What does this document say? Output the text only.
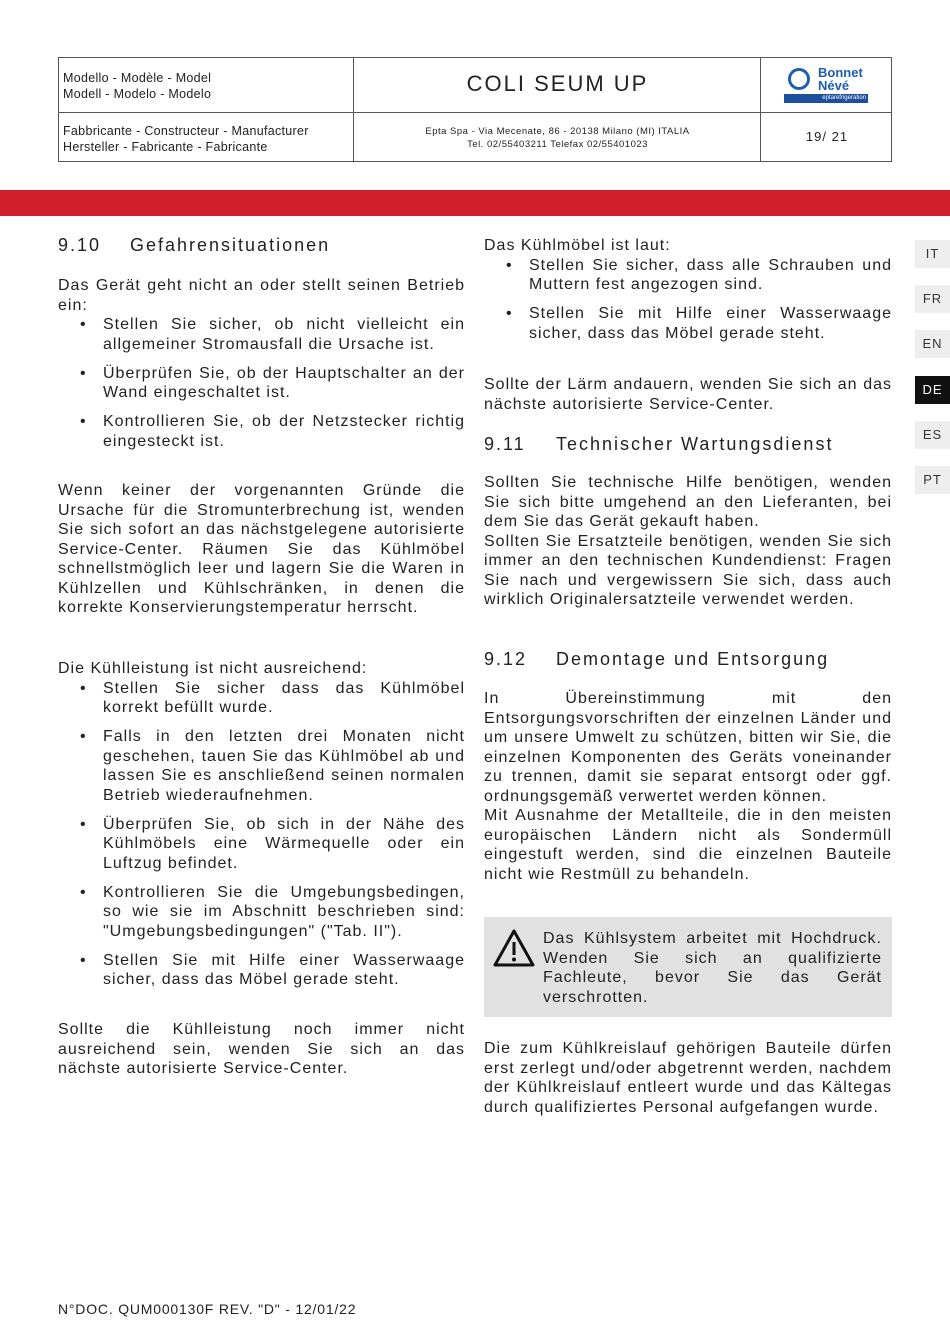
Modello - Modèle - Model
Modell - Modelo - Modelo	COLI SEUM UP	Bonnet
Névé
eptarefrigeration
Fabbricante - Constructeur - Manufacturer
Hersteller - Fabricante - Fabricante
Epta Spa - Via Mecenate, 86 - 20138 Milano (MI) ITALIA
Tel. 02/55403211 Telefax 02/55401023
19/ 21
IT
FR
EN
DE
ES
PT
9.10 Gefahrensituationen

Das Gerät geht nicht an oder stellt seinen Betrieb ein:

• Stellen Sie sicher, ob nicht vielleicht ein allgemeiner Stromausfall die Ursache ist.
• Überprüfen Sie, ob der Hauptschalter an der Wand eingeschaltet ist.
• Kontrollieren Sie, ob der Netzstecker richtig eingesteckt ist.
Wenn keiner der vorgenannten Gründe die Ursache für die Stromunterbrechung ist, wenden Sie sich sofort an das nächstgelegene autorisierte Service-Center. Räumen Sie das Kühlmöbel schnellstmöglich leer und lagern Sie die Waren in Kühlzellen und Kühlschränken, in denen die korrekte Konservierungstemperatur herrscht.

Die Kühlleistung ist nicht ausreichend:

• Stellen Sie sicher dass das Kühlmöbel korrekt befüllt wurde.
• Falls in den letzten drei Monaten nicht geschehen, tauen Sie das Kühlmöbel ab und lassen Sie es anschließend seinen normalen Betrieb wiederaufnehmen.
• Überprüfen Sie, ob sich in der Nähe des Kühlmöbels eine Wärmequelle oder ein Luftzug befindet.
• Kontrollieren Sie die Umgebungsbedingen, so wie sie im Abschnitt beschrieben sind: "Umgebungsbedingungen" ("Tab. II").
• Stellen Sie mit Hilfe einer Wasserwaage sicher, dass das Möbel gerade steht.
Sollte die Kühlleistung noch immer nicht ausreichend sein, wenden Sie sich an das nächste autorisierte Service-Center.

Das Kühlmöbel ist laut:

• Stellen Sie sicher, dass alle Schrauben und Muttern fest angezogen sind.
• Stellen Sie mit Hilfe einer Wasserwaage sicher, dass das Möbel gerade steht.
Sollte der Lärm andauern, wenden Sie sich an das nächste autorisierte Service-Center.
9.11 Technischer Wartungsdienst

Sollten Sie technische Hilfe benötigen, wenden Sie sich bitte umgehend an den Lieferanten, bei dem Sie das Gerät gekauft haben.

Sollten Sie Ersatzteile benötigen, wenden Sie sich immer an den technischen Kundendienst: Fragen Sie nach und vergewissern Sie sich, dass auch wirklich Originalersatzteile verwendet werden.

9.12 Demontage und Entsorgung

In Übereinstimmung mit den Entsorgungsvorschriften der einzelnen Länder und um unsere Umwelt zu schützen, bitten wir Sie, die einzelnen Komponenten des Geräts voneinander zu trennen, damit sie separat entsorgt oder ggf. ordnungsgemäß verwertet werden können.

Mit Ausnahme der Metallteile, die in den meisten europäischen Ländern nicht als Sondermüll eingestuft werden, sind die einzelnen Bauteile nicht wie Restmüll zu behandeln.

Das Kühlsystem arbeitet mit Hochdruck. Wenden Sie sich an qualifizierte Fachleute, bevor Sie das Gerät verschrotten.
Die zum Kühlkreislauf gehörigen Bauteile dürfen erst zerlegt und/oder abgetrennt werden, nachdem der Kühlkreislauf entleert wurde und das Kältegas durch qualifiziertes Personal aufgefangen wurde.
N°DOC. QUM000130F REV. "D" - 12/01/22
